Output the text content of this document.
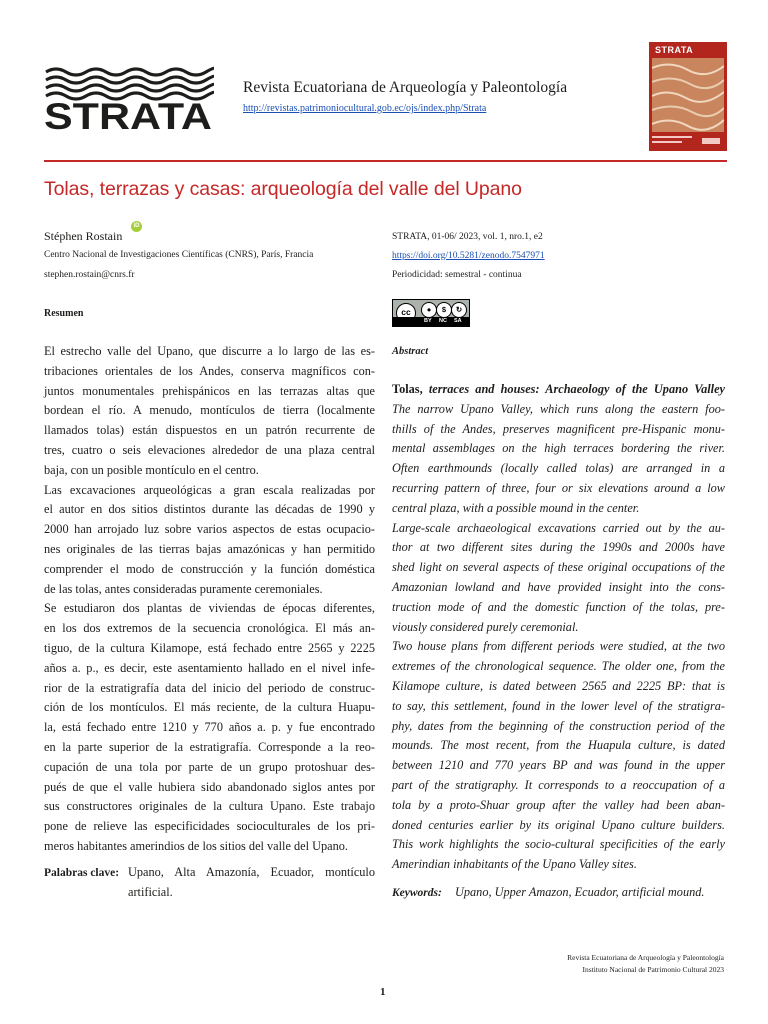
STRATA
Revista Ecuatoriana de Arqueología y Paleontología
http://revistas.patrimoniocultural.gob.ec/ojs/index.php/Strata
STRATA
Tolas, terrazas y casas: arqueología del valle del Upano
Stéphen Rostain
iD
Centro Nacional de Investigaciones Científicas (CNRS), París, Francia
stephen.rostain@cnrs.fr
Resumen
STRATA, 01-06/ 2023, vol. 1, nro.1, e2
https://doi.org/10.5281/zenodo.7547971
Periodicidad: semestral - continua
cc	●	$	↻
BY NC SA
Abstract
El estrecho valle del Upano, que discurre a lo largo de las es-
tribaciones orientales de los Andes, conserva magníficos con-
juntos monumentales prehispánicos en las terrazas altas que
bordean el río. A menudo, montículos de tierra (localmente
llamados tolas) están dispuestos en un patrón recurrente de
tres, cuatro o seis elevaciones alrededor de una plaza central
baja, con un posible montículo en el centro.
Las excavaciones arqueológicas a gran escala realizadas por
el autor en dos sitios distintos durante las décadas de 1990 y
2000 han arrojado luz sobre varios aspectos de estas ocupacio-
nes originales de las tierras bajas amazónicas y han permitido
comprender el modo de construcción y la función doméstica
de las tolas, antes consideradas puramente ceremoniales.
Se estudiaron dos plantas de viviendas de épocas diferentes,
en los dos extremos de la secuencia cronológica. El más an-
tiguo, de la cultura Kilamope, está fechado entre 2565 y 2225
años a. p., es decir, este asentamiento hallado en el nivel infe-
rior de la estratigrafía data del inicio del periodo de construc-
ción de los montículos. El más reciente, de la cultura Huapu-
la, está fechado entre 1210 y 770 años a. p. y fue encontrado
en la parte superior de la estratigrafía. Corresponde a la reo-
cupación de una tola por parte de un grupo protoshuar des-
pués de que el valle hubiera sido abandonado siglos antes por
sus constructores originales de la cultura Upano. Este trabajo
pone de relieve las especificidades socioculturales de los pri-
meros habitantes amerindios de los sitios del valle del Upano.
Tolas, terraces and houses: Archaeology of the Upano Valley
The narrow Upano Valley, which runs along the eastern foo-
thills of the Andes, preserves magnificent pre-Hispanic monu-
mental assemblages on the high terraces bordering the river.
Often earthmounds (locally called tolas) are arranged in a
recurring pattern of three, four or six elevations around a low
central plaza, with a possible mound in the center.
Large-scale archaeological excavations carried out by the au-
thor at two different sites during the 1990s and 2000s have
shed light on several aspects of these original occupations of the
Amazonian lowland and have provided insight into the cons-
truction mode of and the domestic function of the tolas, pre-
viously considered purely ceremonial.
Two house plans from different periods were studied, at the two
extremes of the chronological sequence. The older one, from the
Kilamope culture, is dated between 2565 and 2225 BP: that is
to say, this settlement, found in the lower level of the stratigra-
phy, dates from the beginning of the construction period of the
mounds. The most recent, from the Huapula culture, is dated
between 1210 and 770 years BP and was found in the upper
part of the stratigraphy. It corresponds to a reoccupation of a
tola by a proto-Shuar group after the valley had been aban-
doned centuries earlier by its original Upano culture builders.
This work highlights the socio-cultural specificities of the early
Amerindian inhabitants of the Upano Valley sites.
Palabras clave: Upano, Alta Amazonía, Ecuador, montículo
artificial.	Keywords: Upano, Upper Amazon, Ecuador, artificial mound.
Revista Ecuatoriana de Arqueología y Paleontología
Instituto Nacional de Patrimonio Cultural 2023
1
